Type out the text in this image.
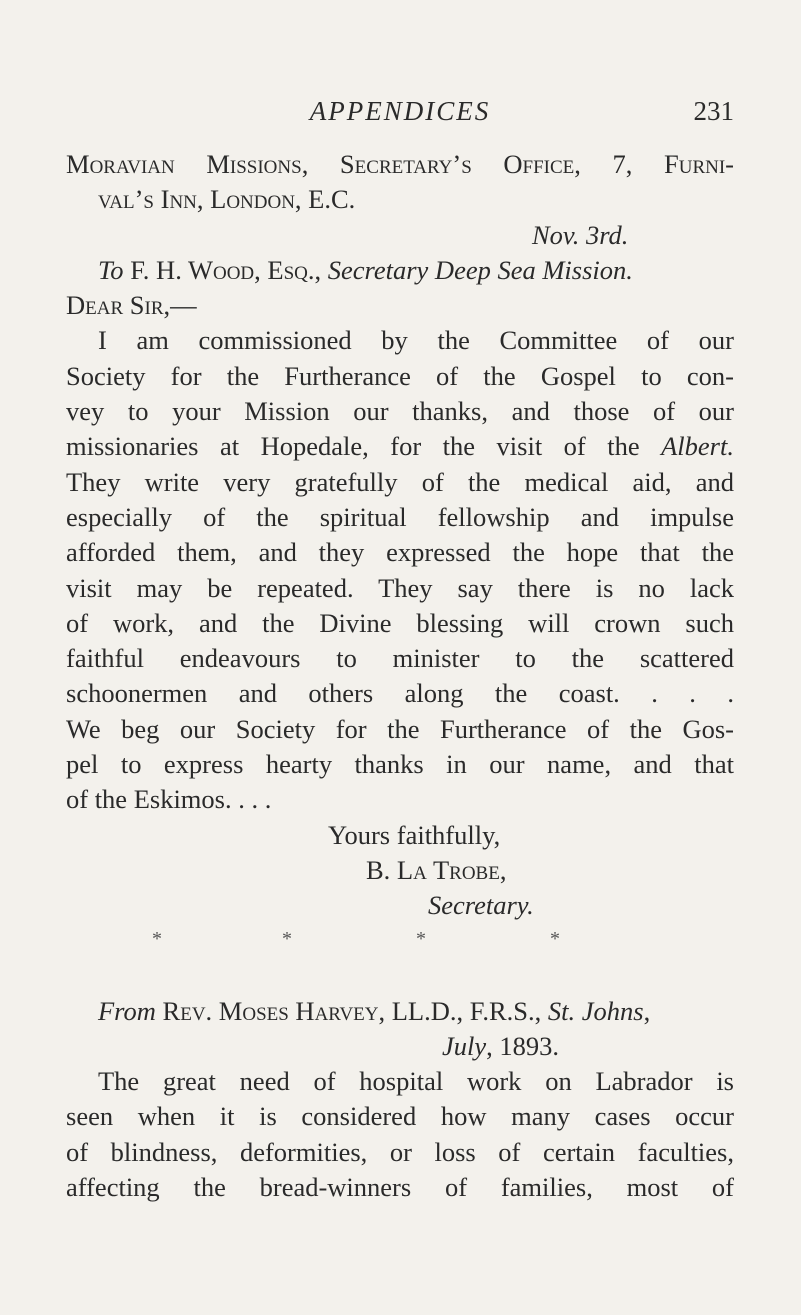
APPENDICES	231
Moravian Missions, Secretary’s Office, 7, Furni-
val’s Inn, London, E.C.
Nov. 3rd.
To F. H. Wood, Esq., Secretary Deep Sea Mission.
Dear Sir,—
I am commissioned by the Committee of our
Society for the Furtherance of the Gospel to con-
vey to your Mission our thanks, and those of our
missionaries at Hopedale, for the visit of the Albert.
They write very gratefully of the medical aid, and
especially of the spiritual fellowship and impulse
afforded them, and they expressed the hope that the
visit may be repeated. They say there is no lack
of work, and the Divine blessing will crown such
faithful endeavours to minister to the scattered
schoonermen and others along the coast. . . .
We beg our Society for the Furtherance of the Gos-
pel to express hearty thanks in our name, and that
of the Eskimos. . . .
Yours faithfully,
B. La Trobe,
Secretary.
*	*	*	*
From Rev. Moses Harvey, LL.D., F.R.S., St. Johns,
July, 1893.
The great need of hospital work on Labrador is
seen when it is considered how many cases occur
of blindness, deformities, or loss of certain faculties,
affecting the bread-winners of families, most of
